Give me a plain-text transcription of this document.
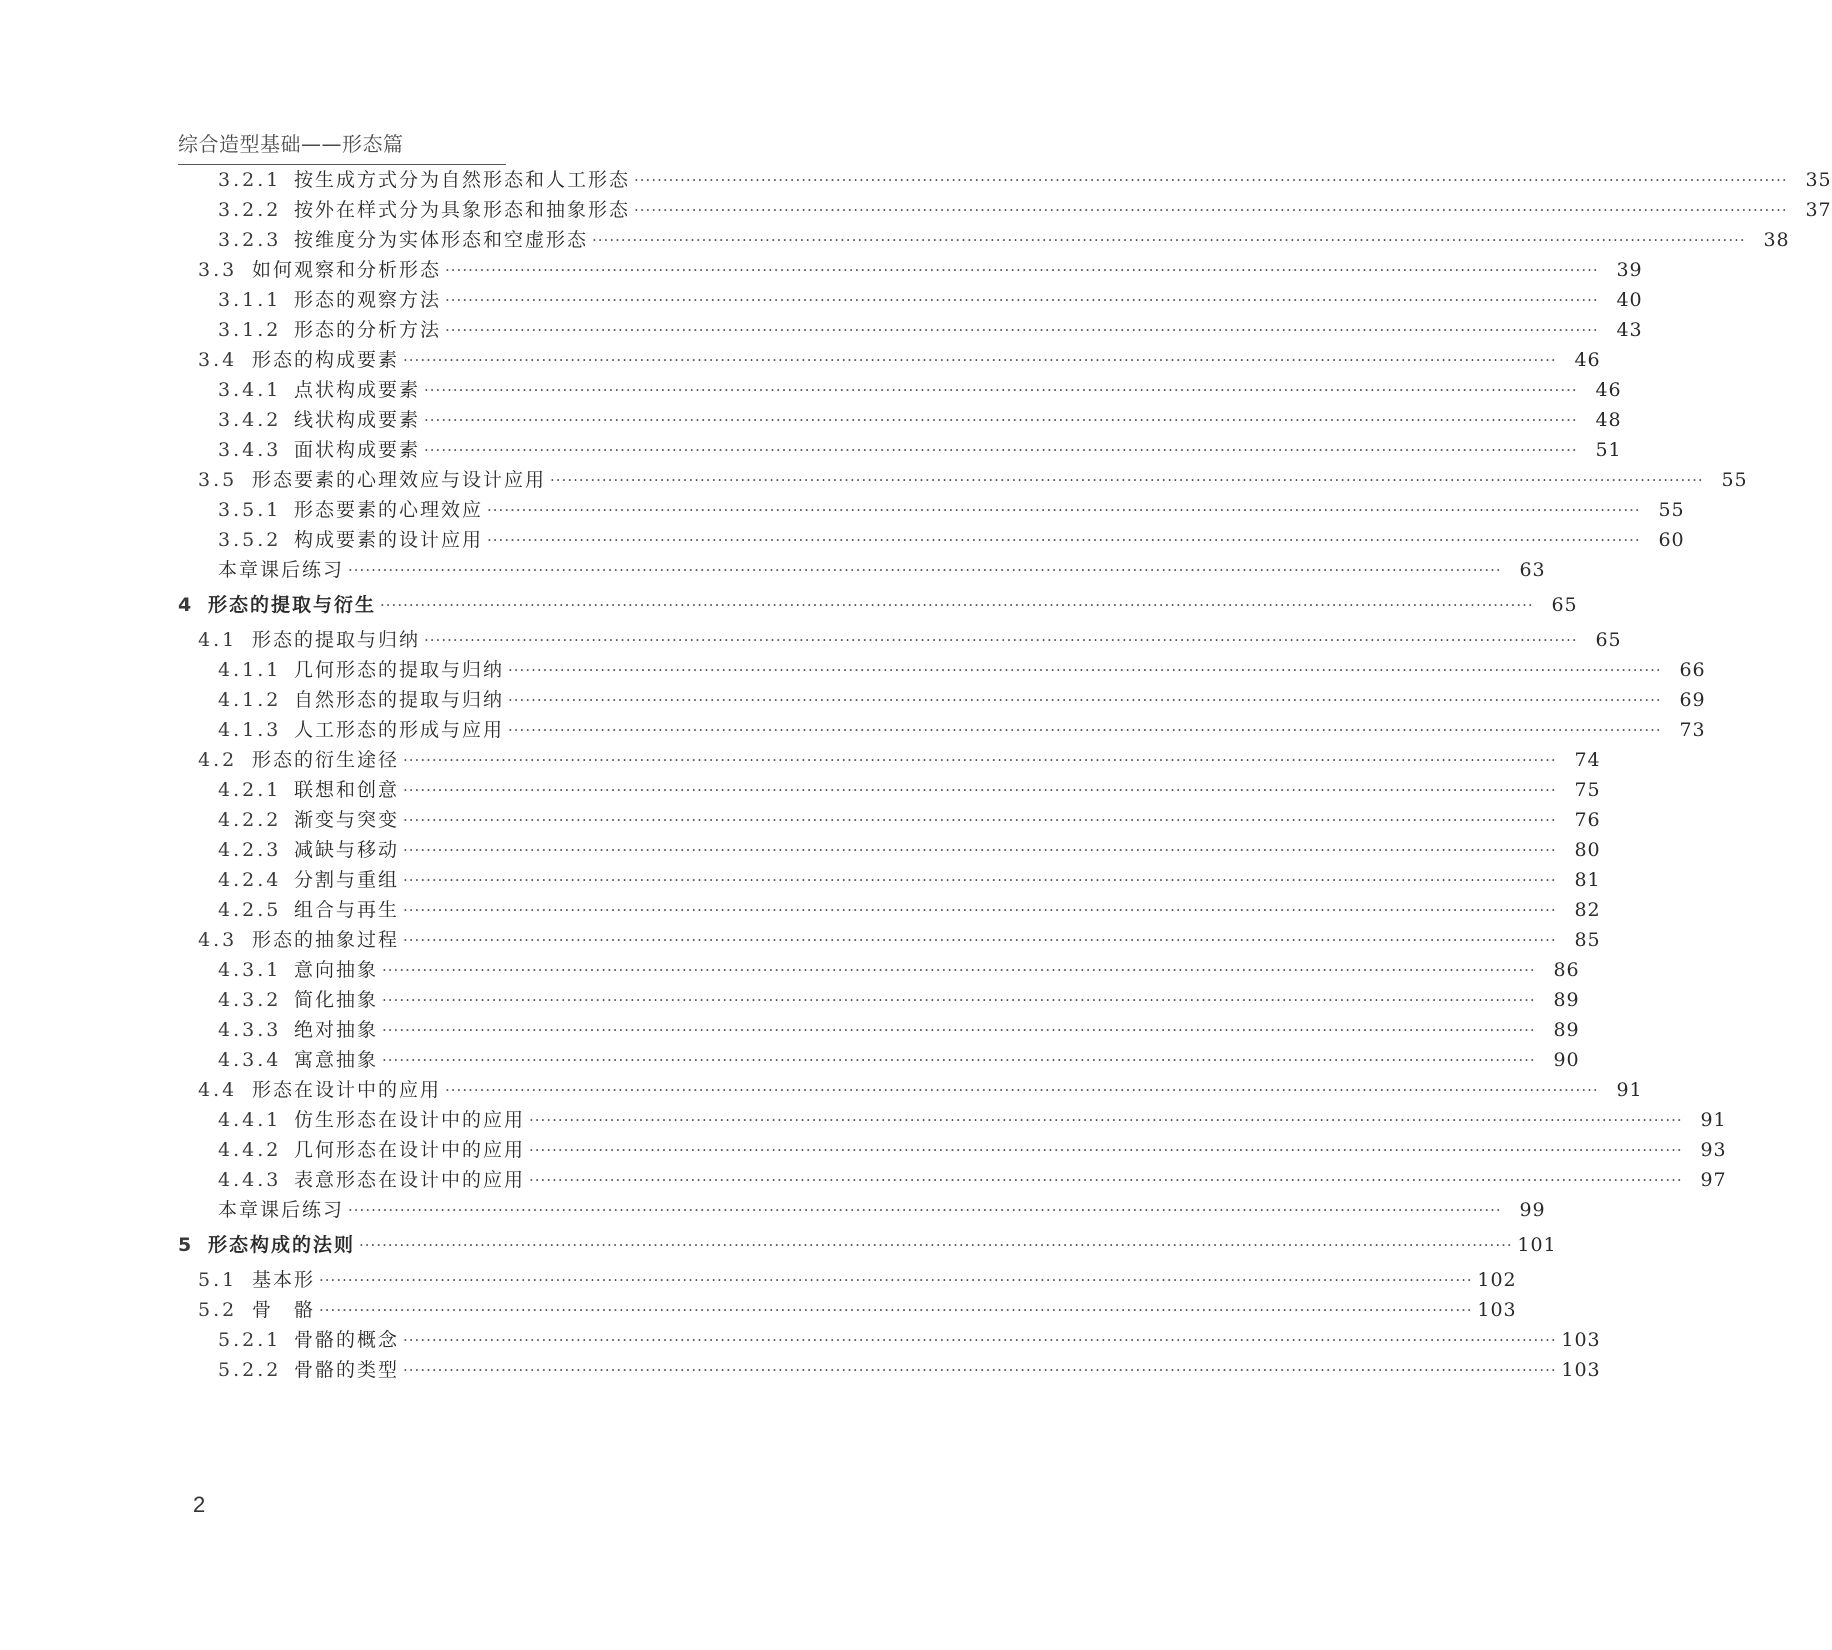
综合造型基础——形态篇
3.2.1 按生成方式分为自然形态和人工形态 ········································································································································································································ 35
3.2.2 按外在样式分为具象形态和抽象形态 ········································································································································································································ 37
3.2.3 按维度分为实体形态和空虚形态 ········································································································································································································ 38
3.3 如何观察和分析形态 ········································································································································································································ 39
3.1.1 形态的观察方法 ········································································································································································································ 40
3.1.2 形态的分析方法 ········································································································································································································ 43
3.4 形态的构成要素 ········································································································································································································ 46
3.4.1 点状构成要素 ········································································································································································································ 46
3.4.2 线状构成要素 ········································································································································································································ 48
3.4.3 面状构成要素 ········································································································································································································ 51
3.5 形态要素的心理效应与设计应用 ········································································································································································································ 55
3.5.1 形态要素的心理效应 ········································································································································································································ 55
3.5.2 构成要素的设计应用 ········································································································································································································ 60
本章课后练习 ········································································································································································································ 63
4 形态的提取与衍生 ········································································································································································································ 65
4.1 形态的提取与归纳 ········································································································································································································ 65
4.1.1 几何形态的提取与归纳 ········································································································································································································ 66
4.1.2 自然形态的提取与归纳 ········································································································································································································ 69
4.1.3 人工形态的形成与应用 ········································································································································································································ 73
4.2 形态的衍生途径 ········································································································································································································ 74
4.2.1 联想和创意 ········································································································································································································ 75
4.2.2 渐变与突变 ········································································································································································································ 76
4.2.3 减缺与移动 ········································································································································································································ 80
4.2.4 分割与重组 ········································································································································································································ 81
4.2.5 组合与再生 ········································································································································································································ 82
4.3 形态的抽象过程 ········································································································································································································ 85
4.3.1 意向抽象 ········································································································································································································ 86
4.3.2 简化抽象 ········································································································································································································ 89
4.3.3 绝对抽象 ········································································································································································································ 89
4.3.4 寓意抽象 ········································································································································································································ 90
4.4 形态在设计中的应用 ········································································································································································································ 91
4.4.1 仿生形态在设计中的应用 ········································································································································································································ 91
4.4.2 几何形态在设计中的应用 ········································································································································································································ 93
4.4.3 表意形态在设计中的应用 ········································································································································································································ 97
本章课后练习 ········································································································································································································ 99
5 形态构成的法则 ········································································································································································································ 101
5.1 基本形 ········································································································································································································ 102
5.2 骨　骼 ········································································································································································································ 103
5.2.1 骨骼的概念 ········································································································································································································ 103
5.2.2 骨骼的类型 ········································································································································································································ 103
2
